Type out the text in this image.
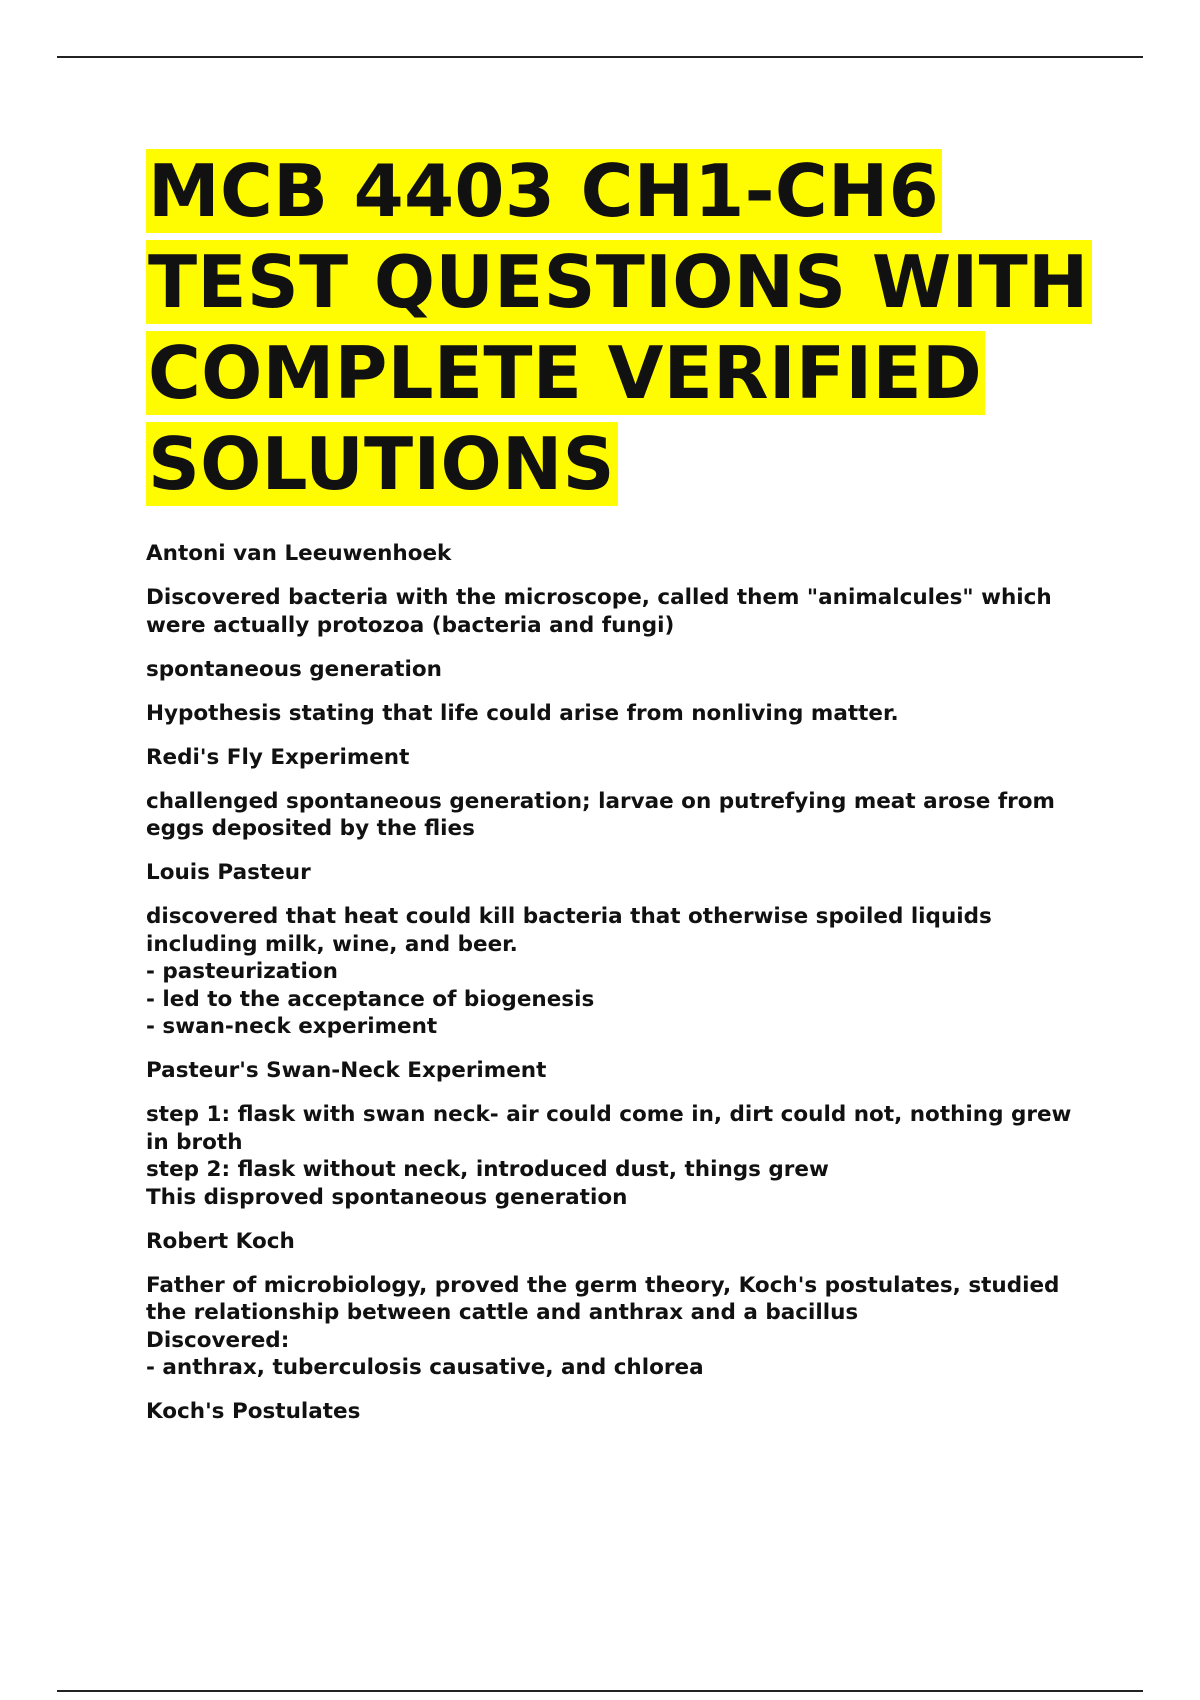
MCB 4403 CH1-CH6 TEST QUESTIONS WITH COMPLETE VERIFIED SOLUTIONS
Antoni van Leeuwenhoek
Discovered bacteria with the microscope, called them "animalcules" which were actually protozoa (bacteria and fungi)
spontaneous generation
Hypothesis stating that life could arise from nonliving matter.
Redi's Fly Experiment
challenged spontaneous generation; larvae on putrefying meat arose from eggs deposited by the flies
Louis Pasteur
discovered that heat could kill bacteria that otherwise spoiled liquids including milk, wine, and beer.
- pasteurization
- led to the acceptance of biogenesis
- swan-neck experiment
Pasteur's Swan-Neck Experiment
step 1: flask with swan neck- air could come in, dirt could not, nothing grew in broth
step 2: flask without neck, introduced dust, things grew
This disproved spontaneous generation
Robert Koch
Father of microbiology, proved the germ theory, Koch's postulates, studied the relationship between cattle and anthrax and a bacillus
Discovered:
- anthrax, tuberculosis causative, and chlorea
Koch's Postulates
